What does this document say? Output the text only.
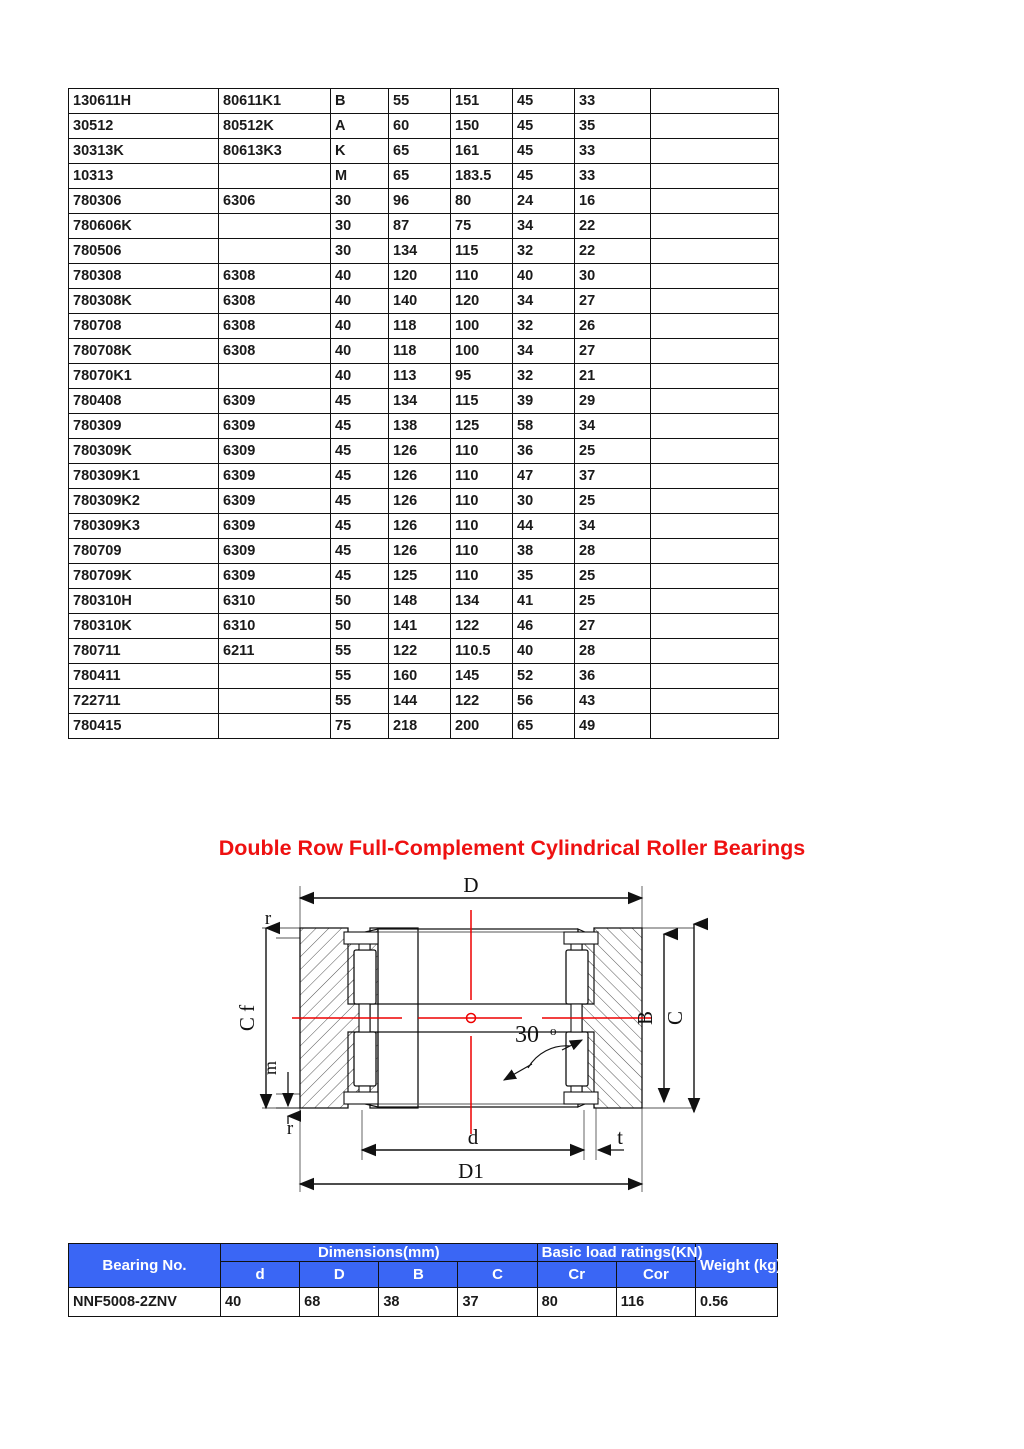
130611H	80611K1	B	55	151	45	33	
30512	80512K	A	60	150	45	35	
30313K	80613K3	K	65	161	45	33	
10313		M	65	183.5	45	33	
780306	6306	30	96	80	24	16	
780606K		30	87	75	34	22	
780506		30	134	115	32	22	
780308	6308	40	120	110	40	30	
780308K	6308	40	140	120	34	27	
780708	6308	40	118	100	32	26	
780708K	6308	40	118	100	34	27	
78070K1		40	113	95	32	21	
780408	6309	45	134	115	39	29	
780309	6309	45	138	125	58	34	
780309K	6309	45	126	110	36	25	
780309K1	6309	45	126	110	47	37	
780309K2	6309	45	126	110	30	25	
780309K3	6309	45	126	110	44	34	
780709	6309	45	126	110	38	28	
780709K	6309	45	125	110	35	25	
780310H	6310	50	148	134	41	25	
780310K	6310	50	141	122	46	27	
780711	6211	55	122	110.5	40	28	
780411		55	160	145	52	36	
722711		55	144	122	56	43	
780415		75	218	200	65	49	
Double Row Full-Complement Cylindrical Roller Bearings
D
C f
r
r
m
B C
30 o
d	t
D1
Bearing No.	Dimensions(mm)				Basic load ratings(KN)		Weight (kg)
	d	D	B	C	Cr	Cor	
NNF5008-2ZNV	40	68	38	37	80	116	0.56
